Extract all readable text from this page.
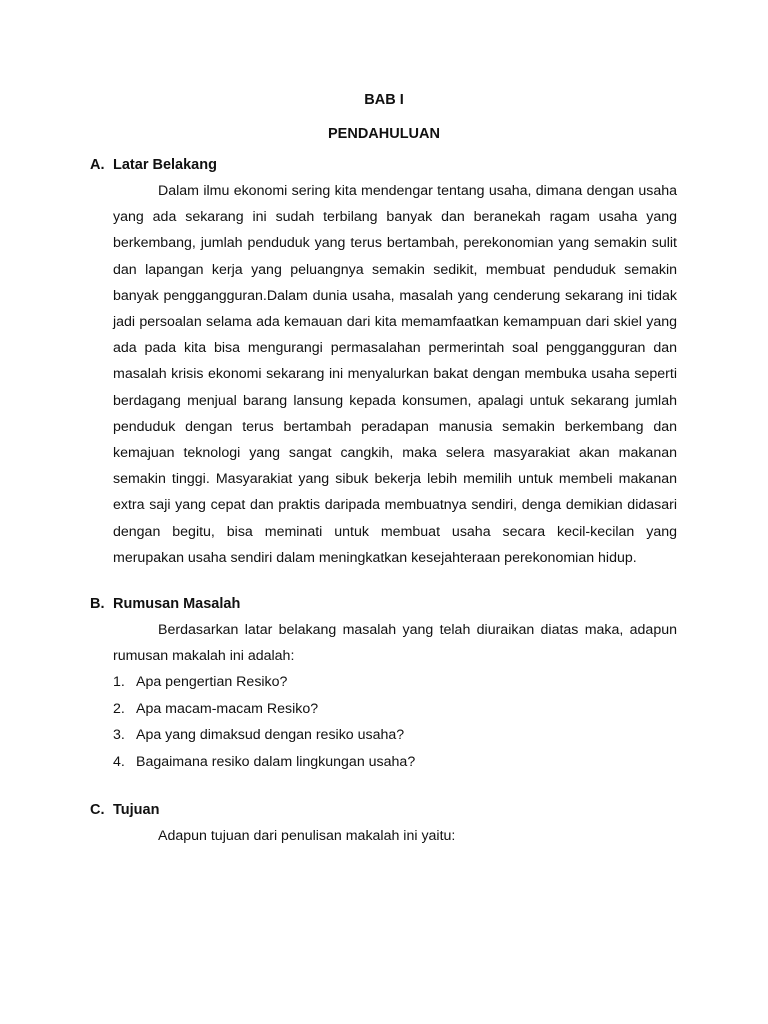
BAB I

PENDAHULUAN

A. Latar Belakang

Dalam ilmu ekonomi sering kita mendengar tentang usaha, dimana dengan usaha yang ada sekarang ini sudah terbilang banyak dan beranekah ragam usaha yang berkembang, jumlah penduduk yang terus bertambah, perekonomian yang semakin sulit dan lapangan kerja yang peluangnya semakin sedikit, membuat penduduk semakin banyak penggangguran.Dalam dunia usaha, masalah yang cenderung sekarang ini tidak jadi persoalan selama ada kemauan dari kita memamfaatkan kemampuan dari skiel yang ada pada kita bisa mengurangi permasalahan permerintah soal penggangguran dan masalah krisis ekonomi sekarang ini menyalurkan bakat dengan membuka usaha seperti berdagang menjual barang lansung kepada konsumen, apalagi untuk sekarang jumlah penduduk dengan terus bertambah peradapan manusia semakin berkembang dan kemajuan teknologi yang sangat cangkih, maka selera masyarakiat akan makanan semakin tinggi. Masyarakiat yang sibuk bekerja lebih memilih untuk membeli makanan extra saji yang cepat dan praktis daripada membuatnya sendiri, denga demikian didasari dengan begitu, bisa meminati untuk membuat usaha secara kecil-kecilan yang merupakan usaha sendiri dalam meningkatkan kesejahteraan perekonomian hidup.

B. Rumusan Masalah

Berdasarkan latar belakang masalah yang telah diuraikan diatas maka, adapun rumusan makalah ini adalah:

1. Apa pengertian Resiko?
2. Apa macam-macam Resiko?
3. Apa yang dimaksud dengan resiko usaha?
4. Bagaimana resiko dalam lingkungan usaha?
C. Tujuan

Adapun tujuan dari penulisan makalah ini yaitu:
